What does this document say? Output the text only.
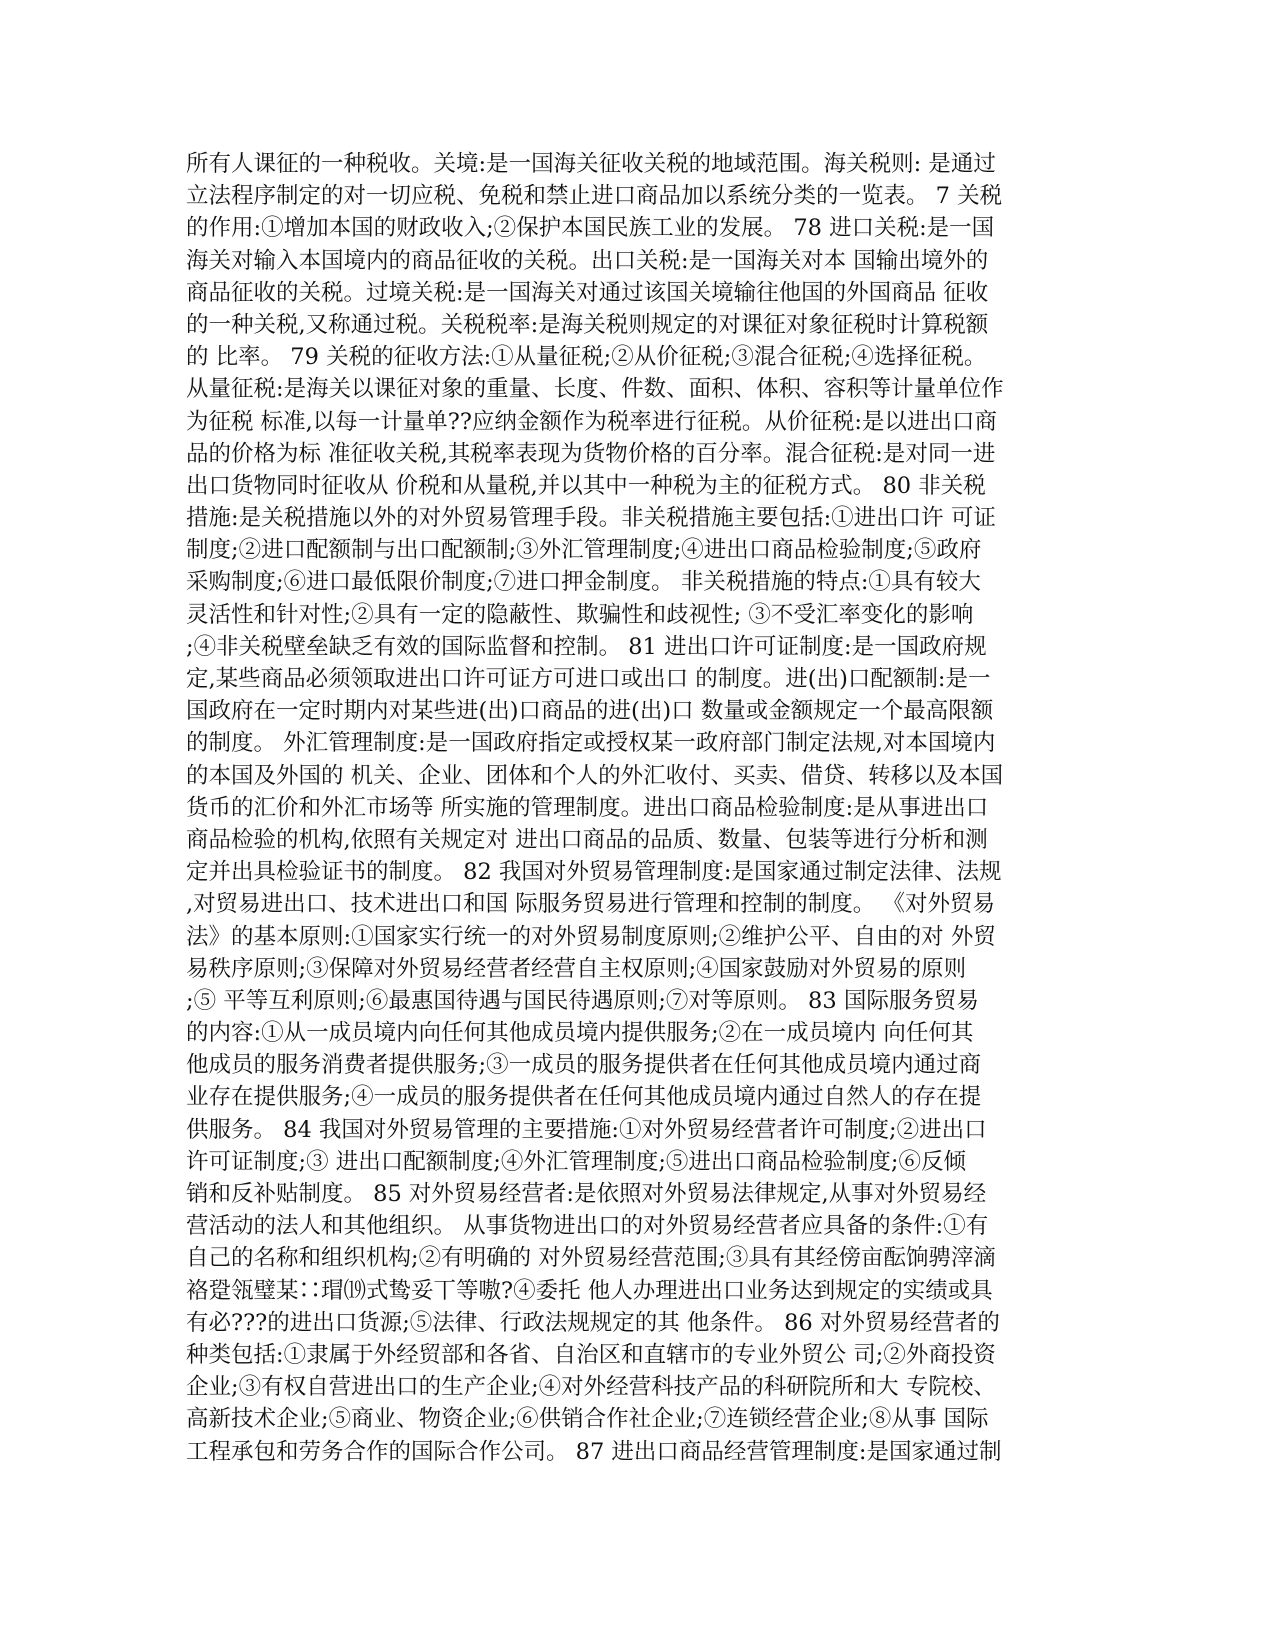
所有人课征的一种税收。关境:是一国海关征收关税的地域范围。海关税则: 是通过
立法程序制定的对一切应税、免税和禁止进口商品加以系统分类的一览表。 7 关税
的作用:①增加本国的财政收入;②保护本国民族工业的发展。 78 进口关税:是一国
海关对输入本国境内的商品征收的关税。出口关税:是一国海关对本 国输出境外的
商品征收的关税。过境关税:是一国海关对通过该国关境输往他国的外国商品 征收
的一种关税,又称通过税。关税税率:是海关税则规定的对课征对象征税时计算税额
的 比率。 79 关税的征收方法:①从量征税;②从价征税;③混合征税;④选择征税。
从量征税:是海关以课征对象的重量、长度、件数、面积、体积、容积等计量单位作
为征税 标准,以每一计量单??应纳金额作为税率进行征税。从价征税:是以进出口商
品的价格为标 准征收关税,其税率表现为货物价格的百分率。混合征税:是对同一进
出口货物同时征收从 价税和从量税,并以其中一种税为主的征税方式。 80 非关税
措施:是关税措施以外的对外贸易管理手段。非关税措施主要包括:①进出口许 可证
制度;②进口配额制与出口配额制;③外汇管理制度;④进出口商品检验制度;⑤政府
采购制度;⑥进口最低限价制度;⑦进口押金制度。 非关税措施的特点:①具有较大
灵活性和针对性;②具有一定的隐蔽性、欺骗性和歧视性; ③不受汇率变化的影响
;④非关税壁垒缺乏有效的国际监督和控制。 81 进出口许可证制度:是一国政府规
定,某些商品必须领取进出口许可证方可进口或出口 的制度。进(出)口配额制:是一
国政府在一定时期内对某些进(出)口商品的进(出)口 数量或金额规定一个最高限额
的制度。 外汇管理制度:是一国政府指定或授权某一政府部门制定法规,对本国境内
的本国及外国的 机关、企业、团体和个人的外汇收付、买卖、借贷、转移以及本国
货币的汇价和外汇市场等 所实施的管理制度。进出口商品检验制度:是从事进出口
商品检验的机构,依照有关规定对 进出口商品的品质、数量、包装等进行分析和测
定并出具检验证书的制度。 82 我国对外贸易管理制度:是国家通过制定法律、法规
,对贸易进出口、技术进出口和国 际服务贸易进行管理和控制的制度。 《对外贸易
法》的基本原则:①国家实行统一的对外贸易制度原则;②维护公平、自由的对 外贸
易秩序原则;③保障对外贸易经营者经营自主权原则;④国家鼓励对外贸易的原则
;⑤ 平等互利原则;⑥最惠国待遇与国民待遇原则;⑦对等原则。 83 国际服务贸易
的内容:①从一成员境内向任何其他成员境内提供服务;②在一成员境内 向任何其
他成员的服务消费者提供服务;③一成员的服务提供者在任何其他成员境内通过商
业存在提供服务;④一成员的服务提供者在任何其他成员境内通过自然人的存在提
供服务。 84 我国对外贸易管理的主要措施:①对外贸易经营者许可制度;②进出口
许可证制度;③ 进出口配额制度;④外汇管理制度;⑤进出口商品检验制度;⑥反倾
销和反补贴制度。 85 对外贸易经营者:是依照对外贸易法律规定,从事对外贸易经
营活动的法人和其他组织。 从事货物进出口的对外贸易经营者应具备的条件:①有
自己的名称和组织机构;②有明确的 对外贸易经营范围;③具有其经傍亩酝饷骋滓滴
袼跫瓴璧某∷瑁⒆式鸷妥丅等嗷?④委托 他人办理进出口业务达到规定的实绩或具
有必???的进出口货源;⑤法律、行政法规规定的其 他条件。 86 对外贸易经营者的
种类包括:①隶属于外经贸部和各省、自治区和直辖市的专业外贸公 司;②外商投资
企业;③有权自营进出口的生产企业;④对外经营科技产品的科研院所和大 专院校、
高新技术企业;⑤商业、物资企业;⑥供销合作社企业;⑦连锁经营企业;⑧从事 国际
工程承包和劳务合作的国际合作公司。 87 进出口商品经营管理制度:是国家通过制
